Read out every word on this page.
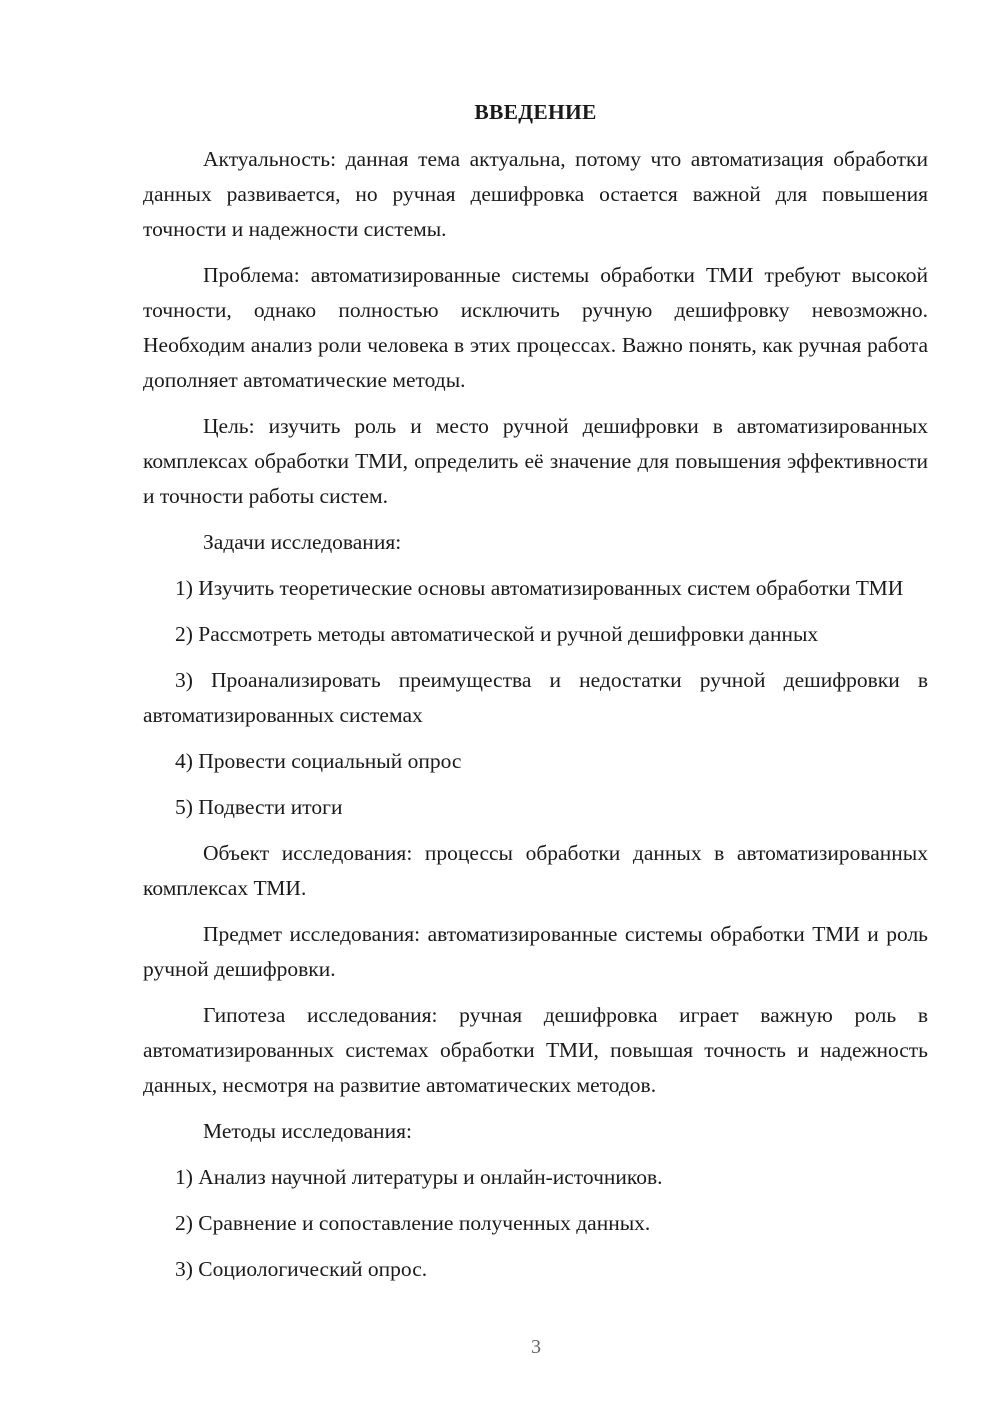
ВВЕДЕНИЕ

Актуальность: данная тема актуальна, потому что автоматизация обработки данных развивается, но ручная дешифровка остается важной для повышения точности и надежности системы.

Проблема: автоматизированные системы обработки ТМИ требуют высокой точности, однако полностью исключить ручную дешифровку невозможно. Необходим анализ роли человека в этих процессах. Важно понять, как ручная работа дополняет автоматические методы.

Цель: изучить роль и место ручной дешифровки в автоматизированных комплексах обработки ТМИ, определить её значение для повышения эффективности и точности работы систем.

Задачи исследования:

1) Изучить теоретические основы автоматизированных систем обработки ТМИ

2) Рассмотреть методы автоматической и ручной дешифровки данных

3) Проанализировать преимущества и недостатки ручной дешифровки в автоматизированных системах

4) Провести социальный опрос

5) Подвести итоги

Объект исследования: процессы обработки данных в автоматизированных комплексах ТМИ.

Предмет исследования: автоматизированные системы обработки ТМИ и роль ручной дешифровки.

Гипотеза исследования: ручная дешифровка играет важную роль в автоматизированных системах обработки ТМИ, повышая точность и надежность данных, несмотря на развитие автоматических методов.

Методы исследования:

1) Анализ научной литературы и онлайн-источников.

2) Сравнение и сопоставление полученных данных.

3) Социологический опрос.

3
